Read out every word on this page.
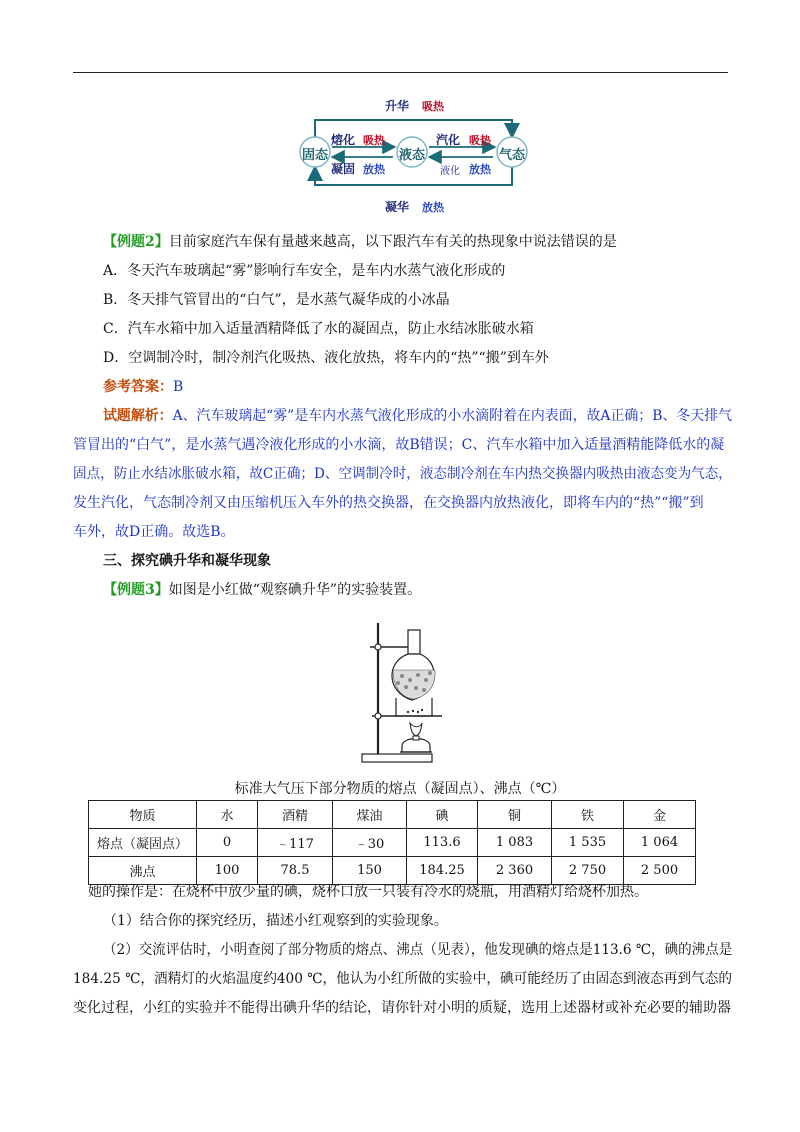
升华 吸热
固态	液态	气态
熔化 吸热
凝固 放热
汽化 吸热
液化 放热
凝华 放热
【例题2】目前家庭汽车保有量越来越高，以下跟汽车有关的热现象中说法错误的是
A．冬天汽车玻璃起“雾”影响行车安全，是车内水蒸气液化形成的
B．冬天排气管冒出的“白气”，是水蒸气凝华成的小冰晶
C．汽车水箱中加入适量酒精降低了水的凝固点，防止水结冰胀破水箱
D．空调制冷时，制冷剂汽化吸热、液化放热，将车内的“热”“搬”到车外
参考答案：B
试题解析：A、汽车玻璃起“雾”是车内水蒸气液化形成的小水滴附着在内表面，故A正确；B、冬天排气
管冒出的“白气”，是水蒸气遇冷液化形成的小水滴，故B错误；C、汽车水箱中加入适量酒精能降低水的凝
固点，防止水结冰胀破水箱，故C正确；D、空调制冷时，液态制冷剂在车内热交换器内吸热由液态变为气态，
发生汽化，气态制冷剂又由压缩机压入车外的热交换器，在交换器内放热液化，即将车内的“热”“搬”到
车外，故D正确。故选B。
三、探究碘升华和凝华现象
【例题3】如图是小红做“观察碘升华”的实验装置。
标准大气压下部分物质的熔点（凝固点）、沸点（℃）
物质	水	酒精	煤油	碘	铜	铁	金
熔点（凝固点）	0	﹣117	﹣30	113.6	1 083	1 535	1 064
沸点	100	78.5	150	184.25	2 360	2 750	2 500
她的操作是：在烧杯中放少量的碘，烧杯口放一只装有冷水的烧瓶，用酒精灯给烧杯加热。
（1）结合你的探究经历，描述小红观察到的实验现象。
（2）交流评估时，小明查阅了部分物质的熔点、沸点（见表），他发现碘的熔点是113.6 ℃，碘的沸点是
184.25 ℃，酒精灯的火焰温度约400 ℃，他认为小红所做的实验中，碘可能经历了由固态到液态再到气态的
变化过程，小红的实验并不能得出碘升华的结论，请你针对小明的质疑，选用上述器材或补充必要的辅助器
